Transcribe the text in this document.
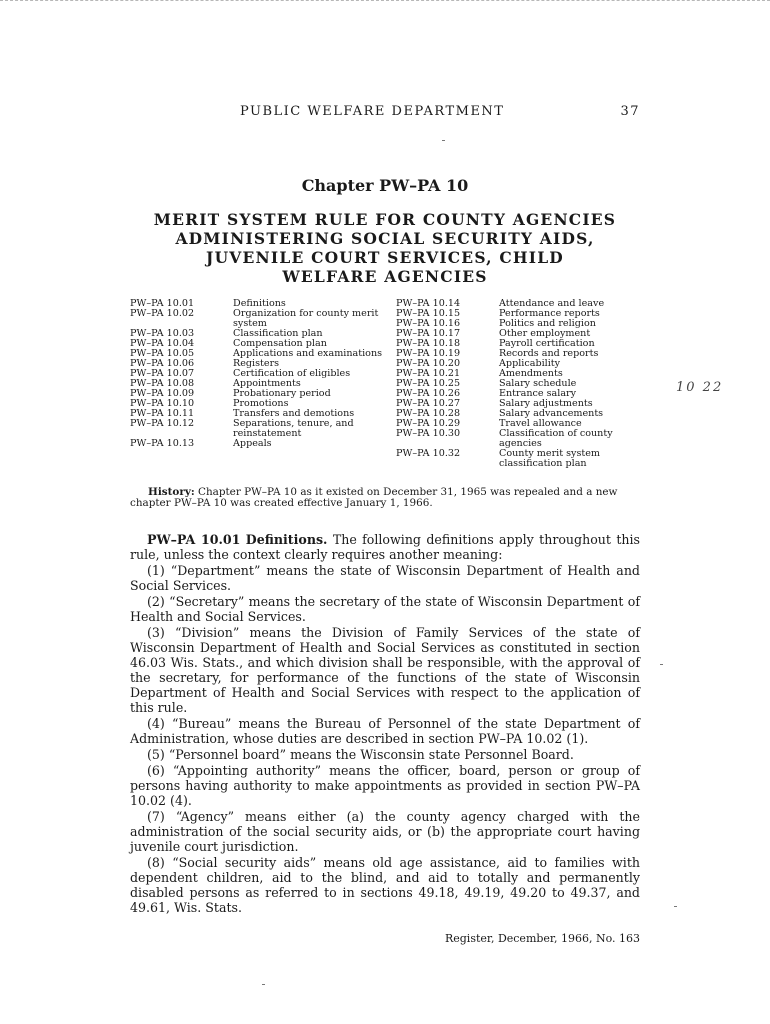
PUBLIC WELFARE DEPARTMENT	37
Chapter PW–PA 10
MERIT SYSTEM RULE FOR COUNTY AGENCIES
ADMINISTERING SOCIAL SECURITY AIDS,
JUVENILE COURT SERVICES, CHILD
WELFARE AGENCIES
PW–PA 10.01	Definitions
PW–PA 10.02	Organization for county merit system
PW–PA 10.03	Classification plan
PW–PA 10.04	Compensation plan
PW–PA 10.05	Applications and examinations
PW–PA 10.06	Registers
PW–PA 10.07	Certification of eligibles
PW–PA 10.08	Appointments
PW–PA 10.09	Probationary period
PW–PA 10.10	Promotions
PW–PA 10.11	Transfers and demotions
PW–PA 10.12	Separations, tenure, and reinstatement
PW–PA 10.13	Appeals
PW–PA 10.14	Attendance and leave
PW–PA 10.15	Performance reports
PW–PA 10.16	Politics and religion
PW–PA 10.17	Other employment
PW–PA 10.18	Payroll certification
PW–PA 10.19	Records and reports
PW–PA 10.20	Applicability
PW–PA 10.21	Amendments
PW–PA 10.25	Salary schedule
PW–PA 10.26	Entrance salary
PW–PA 10.27	Salary adjustments
PW–PA 10.28	Salary advancements
PW–PA 10.29	Travel allowance
PW–PA 10.30	Classification of county agencies
PW–PA 10.32	County merit system classification plan
History: Chapter PW–PA 10 as it existed on December 31, 1965 was repealed and a new chapter PW–PA 10 was created effective January 1, 1966.

PW–PA 10.01 Definitions. The following definitions apply throughout this rule, unless the context clearly requires another meaning:

(1) “Department” means the state of Wisconsin Department of Health and Social Services.

(2) “Secretary” means the secretary of the state of Wisconsin Department of Health and Social Services.

(3) “Division” means the Division of Family Services of the state of Wisconsin Department of Health and Social Services as constituted in section 46.03 Wis. Stats., and which division shall be responsible, with the approval of the secretary, for performance of the functions of the state of Wisconsin Department of Health and Social Services with respect to the application of this rule.

(4) “Bureau” means the Bureau of Personnel of the state Department of Administration, whose duties are described in section PW–PA 10.02 (1).

(5) “Personnel board” means the Wisconsin state Personnel Board.

(6) “Appointing authority” means the officer, board, person or group of persons having authority to make appointments as provided in section PW–PA 10.02 (4).

(7) “Agency” means either (a) the county agency charged with the administration of the social security aids, or (b) the appropriate court having juvenile court jurisdiction.

(8) “Social security aids” means old age assistance, aid to families with dependent children, aid to the blind, and aid to totally and permanently disabled persons as referred to in sections 49.18, 49.19, 49.20 to 49.37, and 49.61, Wis. Stats.

10 22
Register, December, 1966, No. 163
